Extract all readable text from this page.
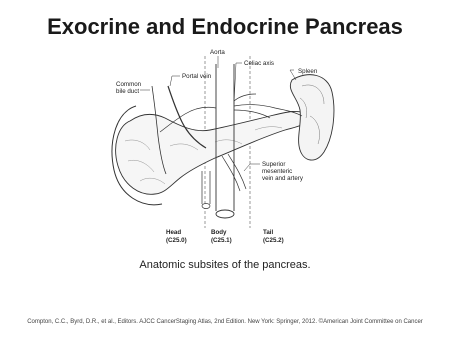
Exocrine and Endocrine Pancreas
Aorta
Celiac axis
Portal vein
Spleen
Common
bile duct
Superior
mesenteric
vein and artery
Head
(C25.0)
Body
(C25.1)
Tail
(C25.2)
Anatomic subsites of the pancreas.
Compton, C.C., Byrd, D.R., et al., Editors. AJCC CancerStaging Atlas, 2nd Edition. New York: Springer, 2012. ©American Joint Committee on Cancer
